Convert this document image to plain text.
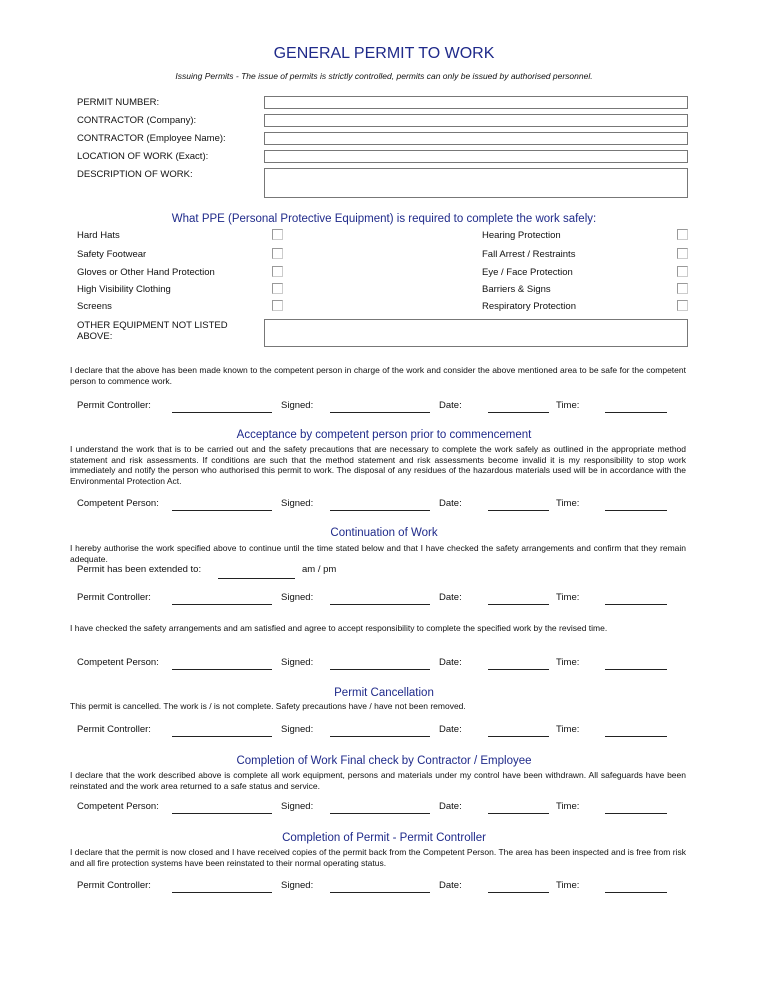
GENERAL PERMIT TO WORK
Issuing Permits - The issue of permits is strictly controlled, permits can only be issued by authorised personnel.
PERMIT NUMBER:
CONTRACTOR (Company):
CONTRACTOR (Employee Name):
LOCATION OF WORK (Exact):
DESCRIPTION OF WORK:
What PPE (Personal Protective Equipment) is required to complete the work safely:
OTHER EQUIPMENT NOT LISTED
ABOVE:
I declare that the above has been made known to the competent person in charge of the work and consider the above mentioned area to be safe for the competent person to commence work.
Acceptance by competent person prior to commencement
I understand the work that is to be carried out and the safety precautions that are necessary to complete the work safely as outlined in the appropriate method statement and risk assessments. If conditions are such that the method statement and risk assessments become invalid it is my responsibility to stop work immediately and notify the person who authorised this permit to work. The disposal of any residues of the hazardous materials used will be in accordance with the Environmental Protection Act.
Continuation of Work
I hereby authorise the work specified above to continue until the time stated below and that I have checked the safety arrangements and confirm that they remain adequate.
Permit has been extended to:	am / pm
I have checked the safety arrangements and am satisfied and agree to accept responsibility to complete the specified work by the revised time.
Permit Cancellation
This permit is cancelled. The work is / is not complete. Safety precautions have / have not been removed.
Completion of Work Final check by Contractor / Employee
I declare that the work described above is complete all work equipment, persons and materials under my control have been withdrawn. All safeguards have been reinstated and the work area returned to a safe status and service.
Completion of Permit - Permit Controller
I declare that the permit is now closed and I have received copies of the permit back from the Competent Person. The area has been inspected and is free from risk and all fire protection systems have been reinstated to their normal operating status.
Hard Hats	Hearing Protection
Safety Footwear	Fall Arrest / Restraints
Gloves or Other Hand Protection	Eye / Face Protection
High Visibility Clothing	Barriers & Signs
Screens	Respiratory Protection
Permit Controller:	Signed:	Date:	Time:
Competent Person:	Signed:	Date:	Time:
Permit Controller:	Signed:	Date:	Time:
Competent Person:	Signed:	Date:	Time:
Permit Controller:	Signed:	Date:	Time:
Competent Person:	Signed:	Date:	Time:
Permit Controller:	Signed:	Date:	Time:
